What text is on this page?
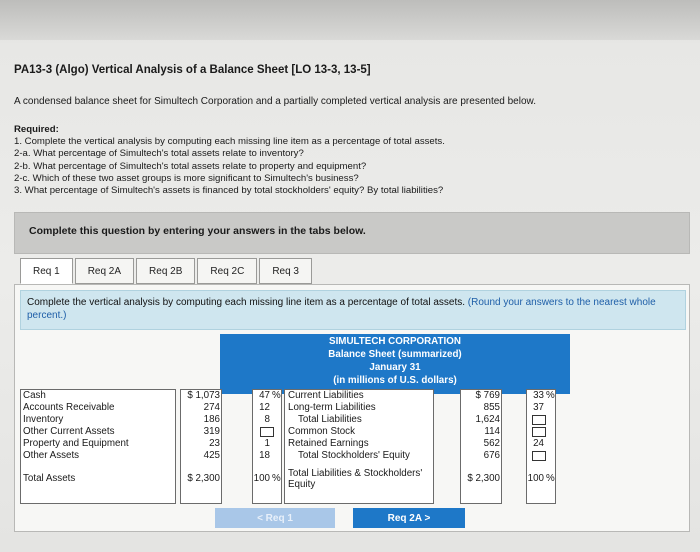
PA13-3 (Algo) Vertical Analysis of a Balance Sheet [LO 13-3, 13-5]
A condensed balance sheet for Simultech Corporation and a partially completed vertical analysis are presented below.
Required:
1. Complete the vertical analysis by computing each missing line item as a percentage of total assets.
2-a. What percentage of Simultech's total assets relate to inventory?
2-b. What percentage of Simultech's total assets relate to property and equipment?
2-c. Which of these two asset groups is more significant to Simultech's business?
3. What percentage of Simultech's assets is financed by total stockholders' equity? By total liabilities?
Complete this question by entering your answers in the tabs below.
Req 1	Req 2A	Req 2B	Req 2C	Req 3
Complete the vertical analysis by computing each missing line item as a percentage of total assets. (Round your answers to the nearest whole percent.)
SIMULTECH CORPORATION
Balance Sheet (summarized)
January 31
(in millions of U.S. dollars)
Cash	$ 1,073	47 %
Accounts Receivable	274	12
Inventory	186	8
Other Current Assets	319
Property and Equipment	23	1
Other Assets	425	18
Total Assets	$ 2,300	100 %
Current Liabilities	$ 769	33 %
Long-term Liabilities	855	37
Total Liabilities	1,624
Common Stock	114
Retained Earnings	562	24
Total Stockholders' Equity	676
Total Liabilities & Stockholders' Equity
$ 2,300	100 %
< Req 1	Req 2A >
